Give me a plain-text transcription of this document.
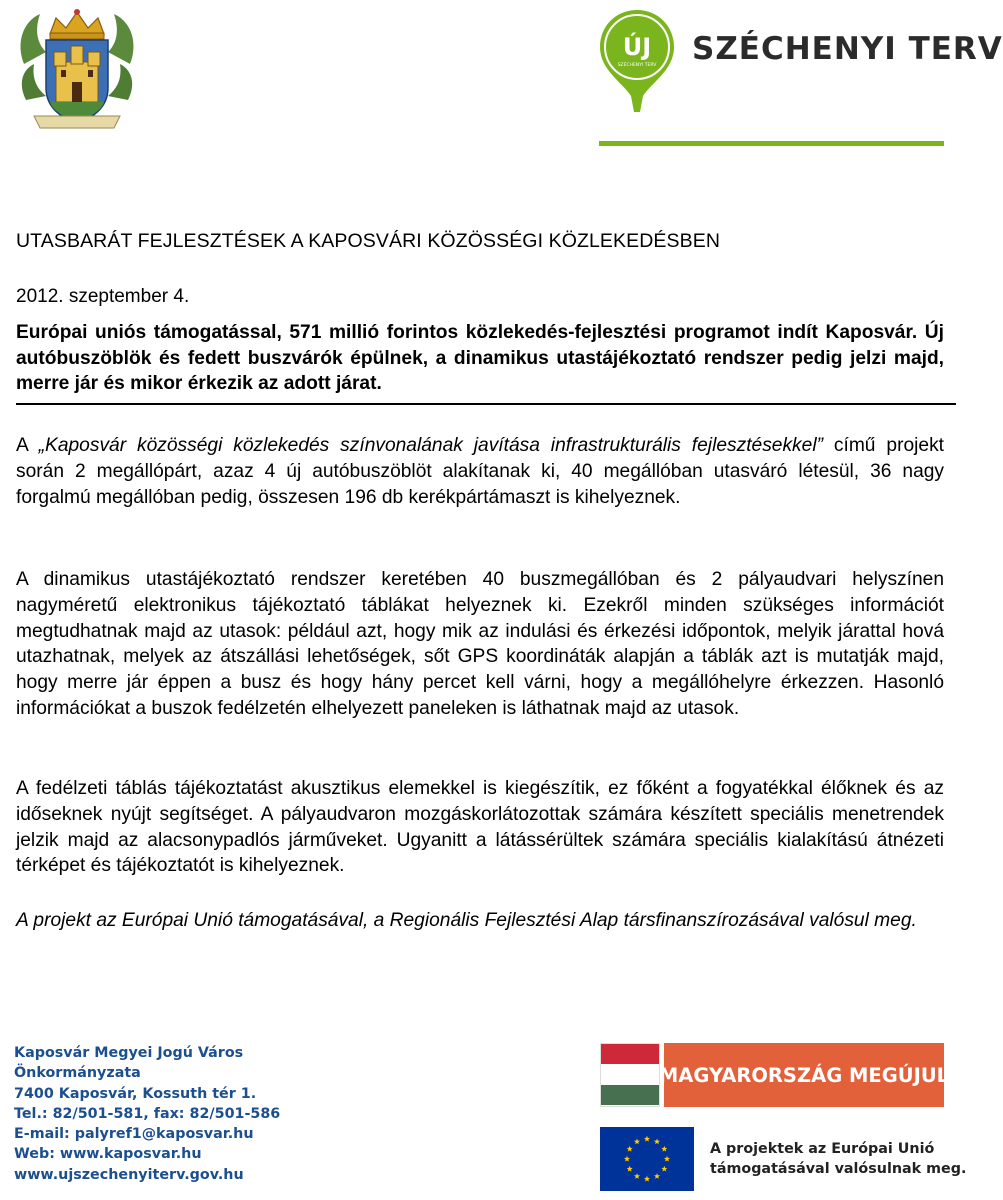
ÚJ
SZÉCHENYI TERV SZÉCHENYI TERV
UTASBARÁT FEJLESZTÉSEK A KAPOSVÁRI KÖZÖSSÉGI KÖZLEKEDÉSBEN
2012. szeptember 4.
Európai uniós támogatással, 571 millió forintos közlekedés-fejlesztési programot indít Kaposvár. Új autóbuszöblök és fedett buszvárók épülnek, a dinamikus utastájékoztató rendszer pedig jelzi majd, merre jár és mikor érkezik az adott járat.

A „Kaposvár közösségi közlekedés színvonalának javítása infrastrukturális fejlesztésekkel” című projekt során 2 megállópárt, azaz 4 új autóbuszöblöt alakítanak ki, 40 megállóban utasváró létesül, 36 nagy forgalmú megállóban pedig, összesen 196 db kerékpártámaszt is kihelyeznek.

A dinamikus utastájékoztató rendszer keretében 40 buszmegállóban és 2 pályaudvari helyszínen nagyméretű elektronikus tájékoztató táblákat helyeznek ki. Ezekről minden szükséges információt megtudhatnak majd az utasok: például azt, hogy mik az indulási és érkezési időpontok, melyik járattal hová utazhatnak, melyek az átszállási lehetőségek, sőt GPS koordináták alapján a táblák azt is mutatják majd, hogy merre jár éppen a busz és hogy hány percet kell várni, hogy a megállóhelyre érkezzen. Hasonló információkat a buszok fedélzetén elhelyezett paneleken is láthatnak majd az utasok.

A fedélzeti táblás tájékoztatást akusztikus elemekkel is kiegészítik, ez főként a fogyatékkal élőknek és az időseknek nyújt segítséget. A pályaudvaron mozgáskorlátozottak számára készített speciális menetrendek jelzik majd az alacsonypadlós járműveket. Ugyanitt a látássérültek számára speciális kialakítású átnézeti térképet és tájékoztatót is kihelyeznek.

A projekt az Európai Unió támogatásával, a Regionális Fejlesztési Alap társfinanszírozásával valósul meg.

Kaposvár Megyei Jogú Város
Önkormányzata
7400 Kaposvár, Kossuth tér 1.
Tel.: 82/501-581, fax: 82/501-586
E-mail: palyref1@kaposvar.hu
Web: www.kaposvar.hu
www.ujszechenyiterv.gov.hu
MAGYARORSZÁG MEGÚJUL
A projektek az Európai Unió
támogatásával valósulnak meg.
